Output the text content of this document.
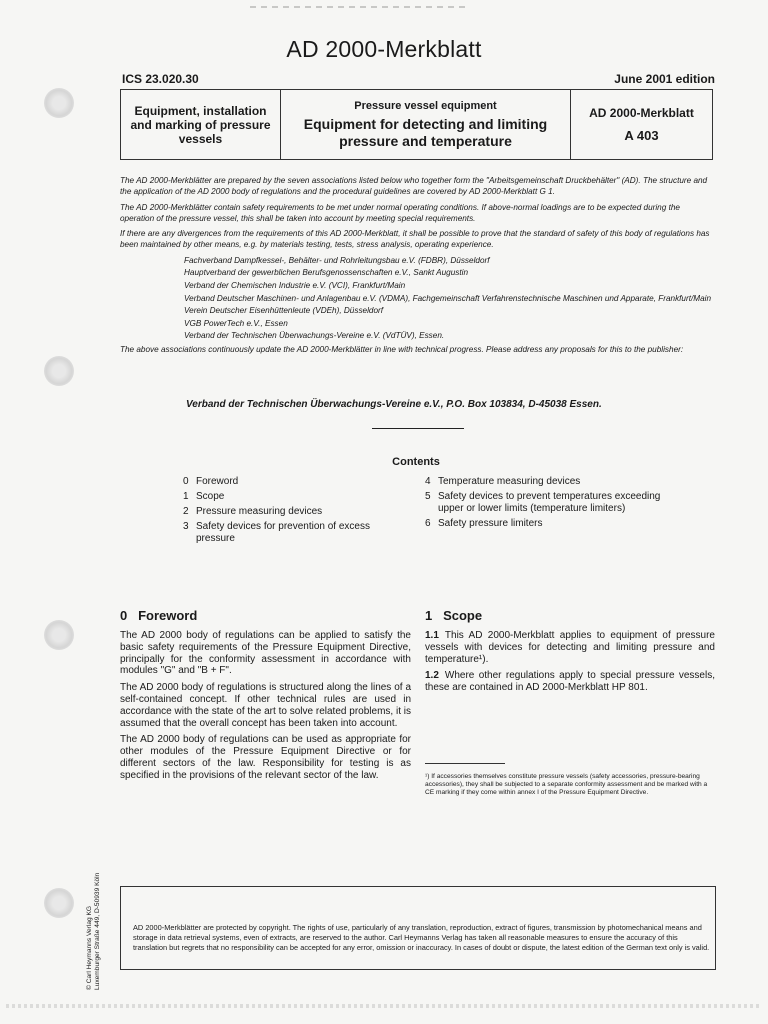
AD 2000-Merkblatt
ICS 23.020.30	June 2001 edition
Equipment, installation and marking of pressure vessels
Pressure vessel equipment
Equipment for detecting and limiting pressure and temperature
AD 2000-Merkblatt
A 403

The AD 2000-Merkblätter are prepared by the seven associations listed below who together form the "Arbeitsgemeinschaft Druckbehälter" (AD). The structure and the application of the AD 2000 body of regulations and the procedural guidelines are covered by AD 2000-Merkblatt G 1.

The AD 2000-Merkblätter contain safety requirements to be met under normal operating conditions. If above-normal loadings are to be expected during the operation of the pressure vessel, this shall be taken into account by meeting special requirements.

If there are any divergences from the requirements of this AD 2000-Merkblatt, it shall be possible to prove that the standard of safety of this body of regulations has been maintained by other means, e.g. by materials testing, tests, stress analysis, operating experience.

Fachverband Dampfkessel-, Behälter- und Rohrleitungsbau e.V. (FDBR), Düsseldorf
Hauptverband der gewerblichen Berufsgenossenschaften e.V., Sankt Augustin
Verband der Chemischen Industrie e.V. (VCI), Frankfurt/Main
Verband Deutscher Maschinen- und Anlagenbau e.V. (VDMA), Fachgemeinschaft Verfahrenstechnische Maschinen und Apparate, Frankfurt/Main
Verein Deutscher Eisenhüttenleute (VDEh), Düsseldorf
VGB PowerTech e.V., Essen
Verband der Technischen Überwachungs-Vereine e.V. (VdTÜV), Essen.

The above associations continuously update the AD 2000-Merkblätter in line with technical progress. Please address any proposals for this to the publisher:

Verband der Technischen Überwachungs-Vereine e.V., P.O. Box 103834, D-45038 Essen.
Contents
0 Foreword
1 Scope
2 Pressure measuring devices
3 Safety devices for prevention of excess pressure
4 Temperature measuring devices
5 Safety devices to prevent temperatures exceeding upper or lower limits (temperature limiters)
6 Safety pressure limiters
0 Foreword	1 Scope

The AD 2000 body of regulations can be applied to satisfy the basic safety requirements of the Pressure Equipment Directive, principally for the conformity assessment in accordance with modules "G" and "B + F".

The AD 2000 body of regulations is structured along the lines of a self-contained concept. If other technical rules are used in accordance with the state of the art to solve related problems, it is assumed that the overall concept has been taken into account.

The AD 2000 body of regulations can be used as appropriate for other modules of the Pressure Equipment Directive or for different sectors of the law. Responsibility for testing is as specified in the provisions of the relevant sector of the law.

1.1 This AD 2000-Merkblatt applies to equipment of pressure vessels with devices for detecting and limiting pressure and temperature¹).

1.2 Where other regulations apply to special pressure vessels, these are contained in AD 2000-Merkblatt HP 801.

¹) If accessories themselves constitute pressure vessels (safety accessories, pressure-bearing accessories), they shall be subjected to a separate conformity assessment and be marked with a CE marking if they come within annex I of the Pressure Equipment Directive.
© Carl Heymanns Verlag KG Luxemburger Straße 449, D-50939 Köln	AD 2000-Merkblätter are protected by copyright. The rights of use, particularly of any translation, reproduction, extract of figures, transmission by photomechanical means and storage in data retrieval systems, even of extracts, are reserved to the author. Carl Heymanns Verlag has taken all reasonable measures to ensure the accuracy of this translation but regrets that no responsibility can be accepted for any error, omission or inaccuracy. In cases of doubt or dispute, the latest edition of the German text only is valid.
